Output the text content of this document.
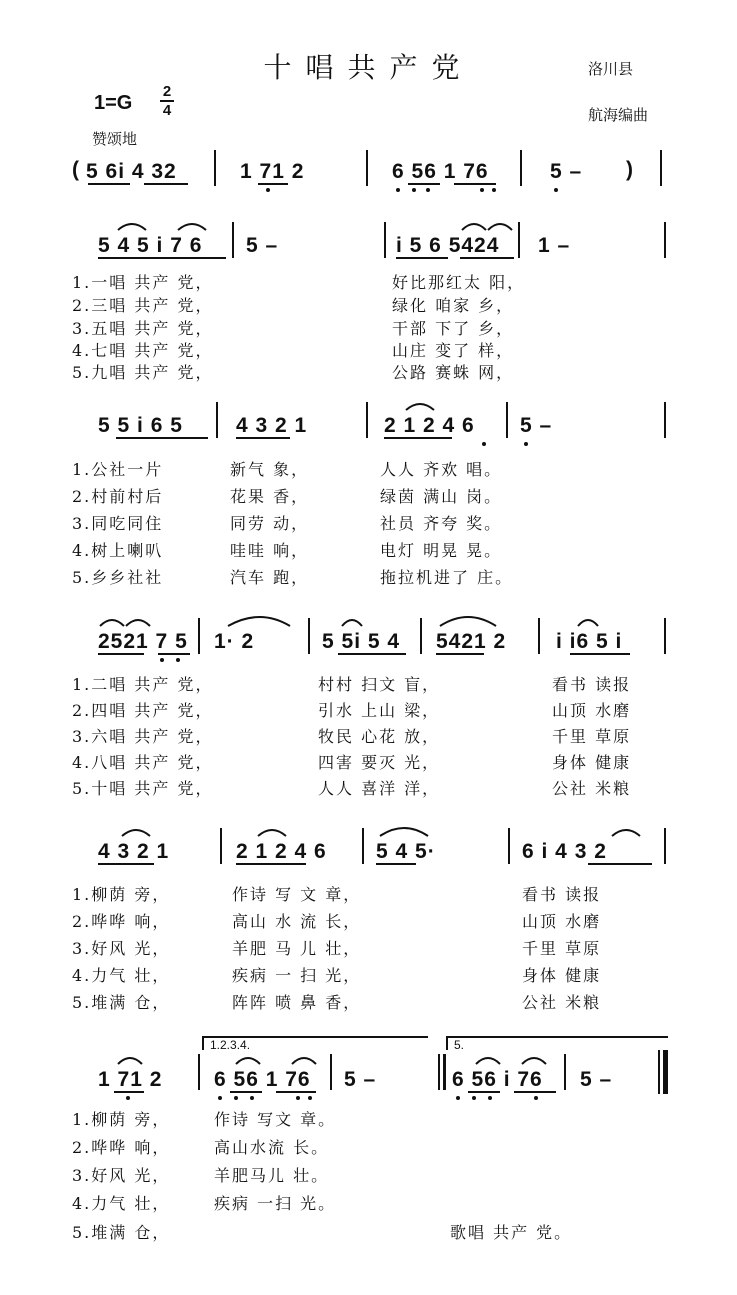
十唱共产党	洛川县
航海编曲
1=G
2
4
赞颂地
( 5 6i 4 32	1 71 2	6 56 1 76	5 – )
5 4 5 i 7 6 5 –	i 5 6 5424 1 –
1.一唱 共产 党，	好比那红太 阳，
2.三唱 共产 党，	绿化 咱家 乡，
3.五唱 共产 党，	干部 下了 乡，
4.七唱 共产 党，	山庄 变了 样，
5.九唱 共产 党，	公路 赛蛛 网，
5 5 i 6 5	4 3 2 1	2 1 2 4 6 5 –
1.公社一片	新气 象，	人人 齐欢 唱。
2.村前村后	花果 香，	绿茵 满山 岗。
3.同吃同住	同劳 动，	社员 齐夸 奖。
4.树上喇叭	哇哇 响，	电灯 明晃 晃。
5.乡乡社社	汽车 跑，	拖拉机进了 庄。
2521 7 5 1· 2	5 5i 5 4 5421 2 i i6 5 i
1.二唱 共产 党，	村村 扫文 盲，	看书 读报
2.四唱 共产 党，	引水 上山 梁，	山顶 水磨
3.六唱 共产 党，	牧民 心花 放，	千里 草原
4.八唱 共产 党，	四害 要灭 光，	身体 健康
5.十唱 共产 党，	人人 喜洋 洋，	公社 米粮
4 3 2 1	2 1 2 4 6 5 4 5·	6 i 4 3 2
1.柳荫 旁，	作诗 写 文 章，	看书 读报
2.哗哗 响，	高山 水 流 长，	山顶 水磨
3.好风 光，	羊肥 马 儿 壮，	千里 草原
4.力气 壮，	疾病 一 扫 光，	身体 健康
5.堆满 仓，	阵阵 喷 鼻 香，	公社 米粮
1.2.3.4.	5.
1 71 2 6 56 1 76 5 –	6 56 i 76 5 –
1.柳荫 旁，	作诗 写文 章。
2.哗哗 响，	高山水流 长。
3.好风 光，	羊肥马儿 壮。
4.力气 壮，	疾病 一扫 光。
5.堆满 仓，	歌唱 共产 党。
